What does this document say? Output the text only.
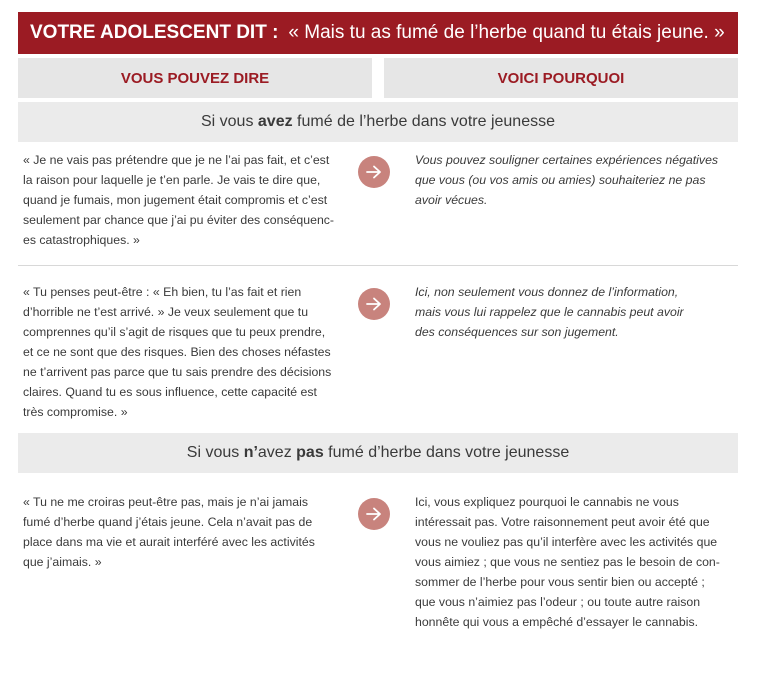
VOTRE ADOLESCENT DIT : « Mais tu as fumé de l’herbe quand tu étais jeune. »
VOUS POUVEZ DIRE	VOICI POURQUOI
Si vous avez fumé de l’herbe dans votre jeunesse
« Je ne vais pas prétendre que je ne l’ai pas fait, et c’est
la raison pour laquelle je t’en parle. Je vais te dire que,
quand je fumais, mon jugement était compromis et c’est
seulement par chance que j’ai pu éviter des conséquenc-
es catastrophiques. »
Vous pouvez souligner certaines expériences négatives
que vous (ou vos amis ou amies) souhaiteriez ne pas
avoir vécues.
« Tu penses peut-être : « Eh bien, tu l’as fait et rien
d’horrible ne t’est arrivé. » Je veux seulement que tu
comprennes qu’il s’agit de risques que tu peux prendre,
et ce ne sont que des risques. Bien des choses néfastes
ne t’arrivent pas parce que tu sais prendre des décisions
claires. Quand tu es sous influence, cette capacité est
très compromise. »
Ici, non seulement vous donnez de l’information,
mais vous lui rappelez que le cannabis peut avoir
des conséquences sur son jugement.
Si vous n’ avez pas fumé d’herbe dans votre jeunesse
« Tu ne me croiras peut-être pas, mais je n’ai jamais
fumé d’herbe quand j’étais jeune. Cela n’avait pas de
place dans ma vie et aurait interféré avec les activités
que j’aimais. »
Ici, vous expliquez pourquoi le cannabis ne vous
intéressait pas. Votre raisonnement peut avoir été que
vous ne vouliez pas qu’il interfère avec les activités que
vous aimiez ; que vous ne sentiez pas le besoin de con-
sommer de l’herbe pour vous sentir bien ou accepté ;
que vous n’aimiez pas l’odeur ; ou toute autre raison
honnête qui vous a empêché d’essayer le cannabis.
